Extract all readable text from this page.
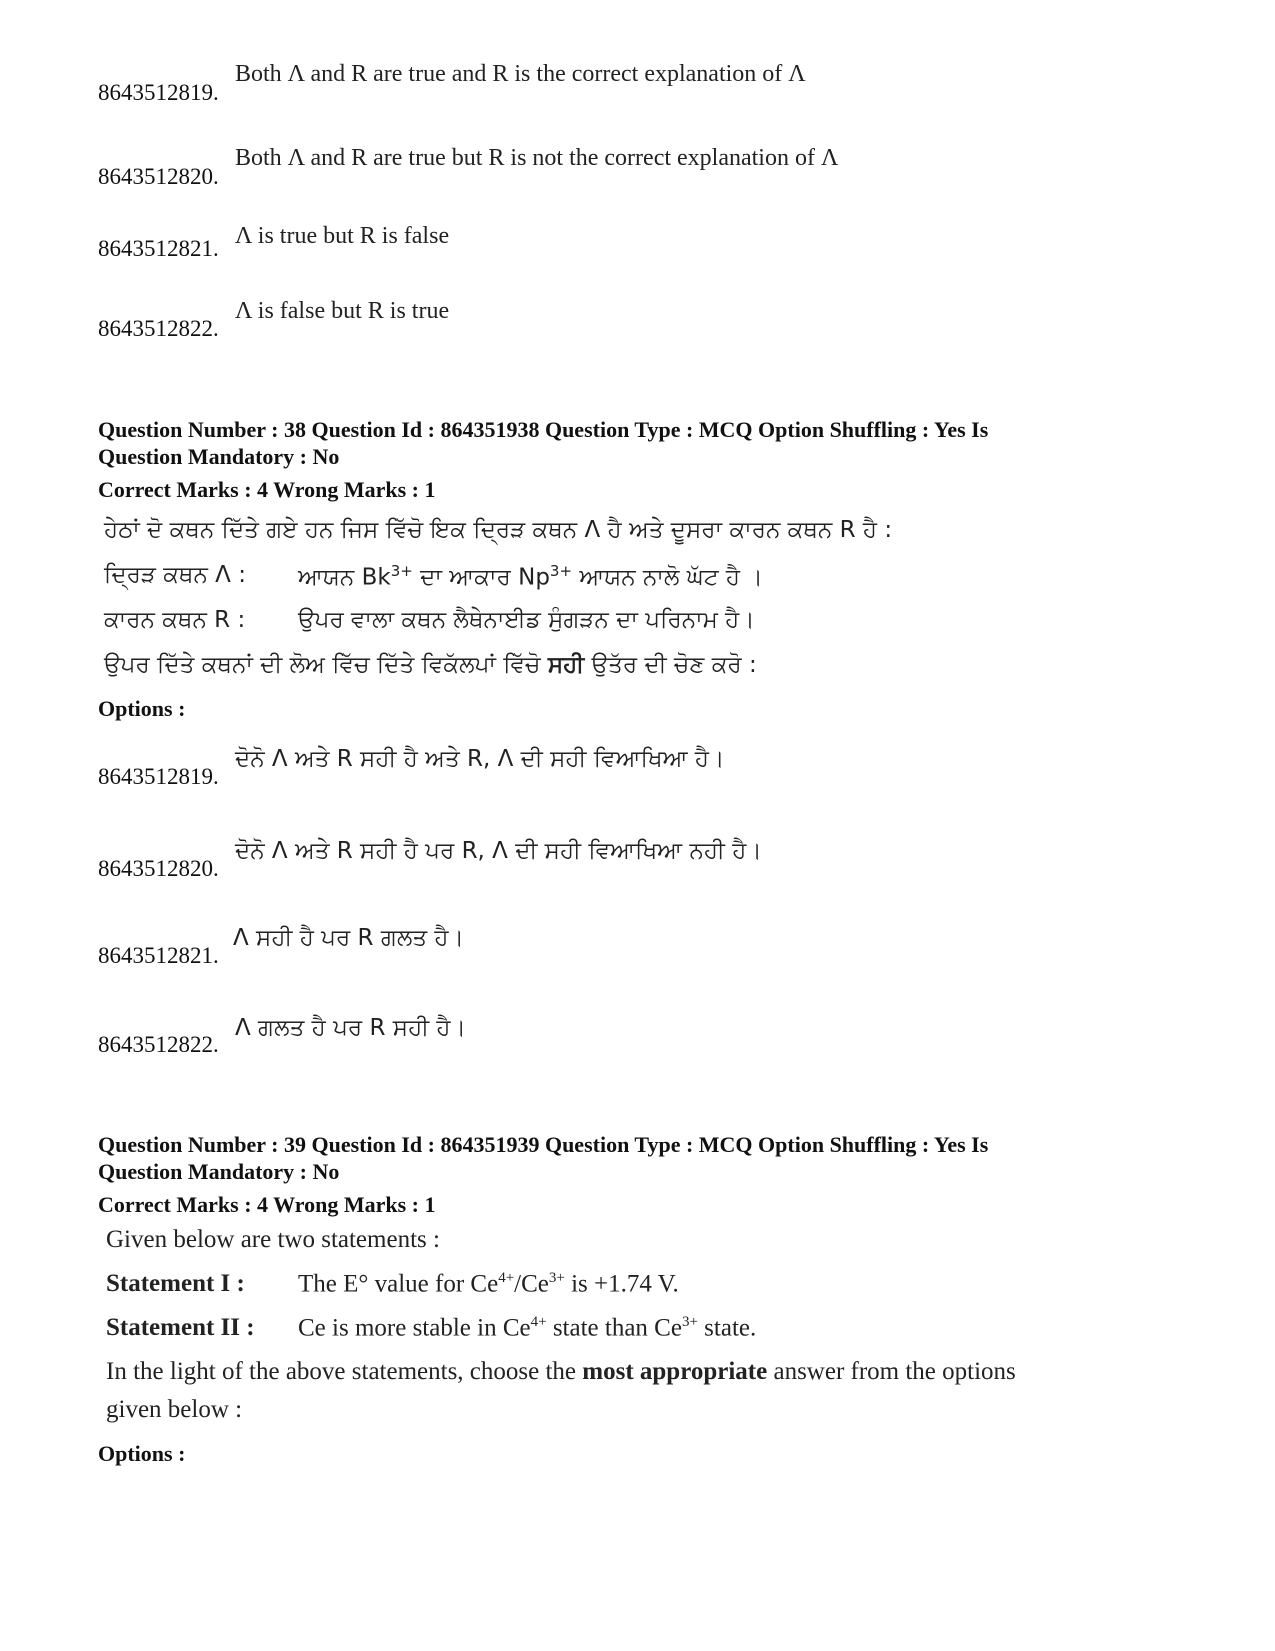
8643512819.
Both Λ and R are true and R is the correct explanation of Λ
8643512820.
Both Λ and R are true but R is not the correct explanation of Λ
8643512821. Λ is true but R is false
8643512822.
Λ is false but R is true
Question Number : 38 Question Id : 864351938 Question Type : MCQ Option Shuffling : Yes Is
Question Mandatory : No
Correct Marks : 4 Wrong Marks : 1
ਹੇਠਾਂ ਦੋ ਕਥਨ ਦਿੱਤੇ ਗਏ ਹਨ ਜਿਸ ਵਿੱਚੋ ਇਕ ਦ੍ਰਿੜ ਕਥਨ Λ ਹੈ ਅਤੇ ਦੂਸਰਾ ਕਾਰਨ ਕਥਨ R ਹੈ :
ਦ੍ਰਿੜ ਕਥਨ Λ : ਆਯਨ $Bk^{3+}$ ਦਾ ਆਕਾਰ $Np^{3+}$ ਆਯਨ ਨਾਲੋ ਘੱਟ ਹੈ ।
ਕਾਰਨ ਕਥਨ R : ਉਪਰ ਵਾਲਾ ਕਥਨ ਲੈਥੇਨਾਈਡ ਸੁੰਗੜਨ ਦਾ ਪਰਿਨਾਮ ਹੈ।
ਉਪਰ ਦਿੱਤੇ ਕਥਨਾਂ ਦੀ ਲੋਅ ਵਿੱਚ ਦਿੱਤੇ ਵਿਕੱਲਪਾਂ ਵਿੱਚੋ ਸਹੀ ਉਤੱਰ ਦੀ ਚੋਣ ਕਰੋ :
Options :
8643512819.
ਦੋਨੋ Λ ਅਤੇ R ਸਹੀ ਹੈ ਅਤੇ R, Λ ਦੀ ਸਹੀ ਵਿਆਖਿਆ ਹੈ।
8643512820.
ਦੋਨੋ Λ ਅਤੇ R ਸਹੀ ਹੈ ਪਰ R, Λ ਦੀ ਸਹੀ ਵਿਆਖਿਆ ਨਹੀ ਹੈ।
8643512821.
Λ ਸਹੀ ਹੈ ਪਰ R ਗਲਤ ਹੈ।
8643512822.
Λ ਗਲਤ ਹੈ ਪਰ R ਸਹੀ ਹੈ।
Question Number : 39 Question Id : 864351939 Question Type : MCQ Option Shuffling : Yes Is
Question Mandatory : No
Correct Marks : 4 Wrong Marks : 1
Given below are two statements :
Statement I : The E° value for $Ce^{4+}/Ce^{3+}$ is +1.74 V.
Statement II : Ce is more stable in $Ce^{4+}$ state than $Ce^{3+}$ state.
In the light of the above statements, choose the most appropriate answer from the options
given below :
Options :
